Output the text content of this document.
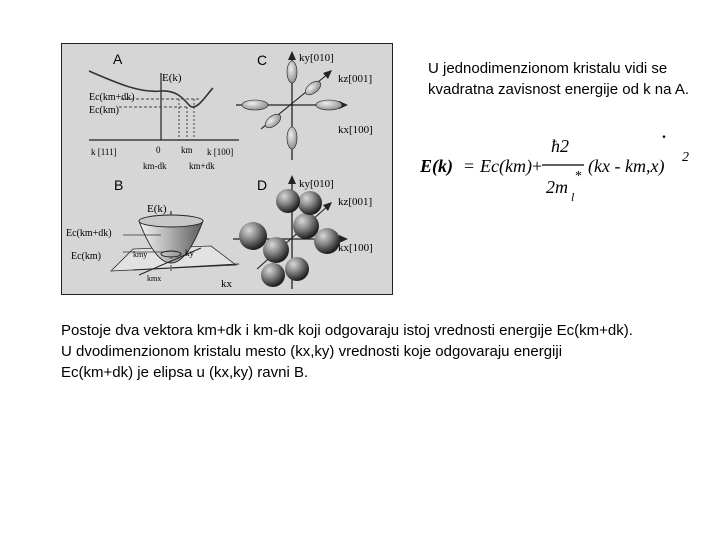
A
E(k)
Ec(km+dk)
Ec(km)
k [111]	0 km k [100]
km-dk	km+dk
B
E(k)
Ec(km+dk)
Ec(km)	kmy	ky
kmx	kx
C	ky[010]
kz[001]
kx[100]
D	ky[010]
kz[001]
kx[100]
U jednodimenzionom kristalu vidi se kvadratna zavisnost energije od k na A.
E(k) = Ec(km) +
ħ2
2m l
*
(kx - km,x) 2
.
Postoje dva vektora km+dk i km-dk koji odgovaraju istoj vrednosti energije Ec(km+dk).
U dvodimenzionom kristalu mesto (kx,ky) vrednosti koje odgovaraju energiji
Ec(km+dk) je elipsa u (kx,ky) ravni B.
